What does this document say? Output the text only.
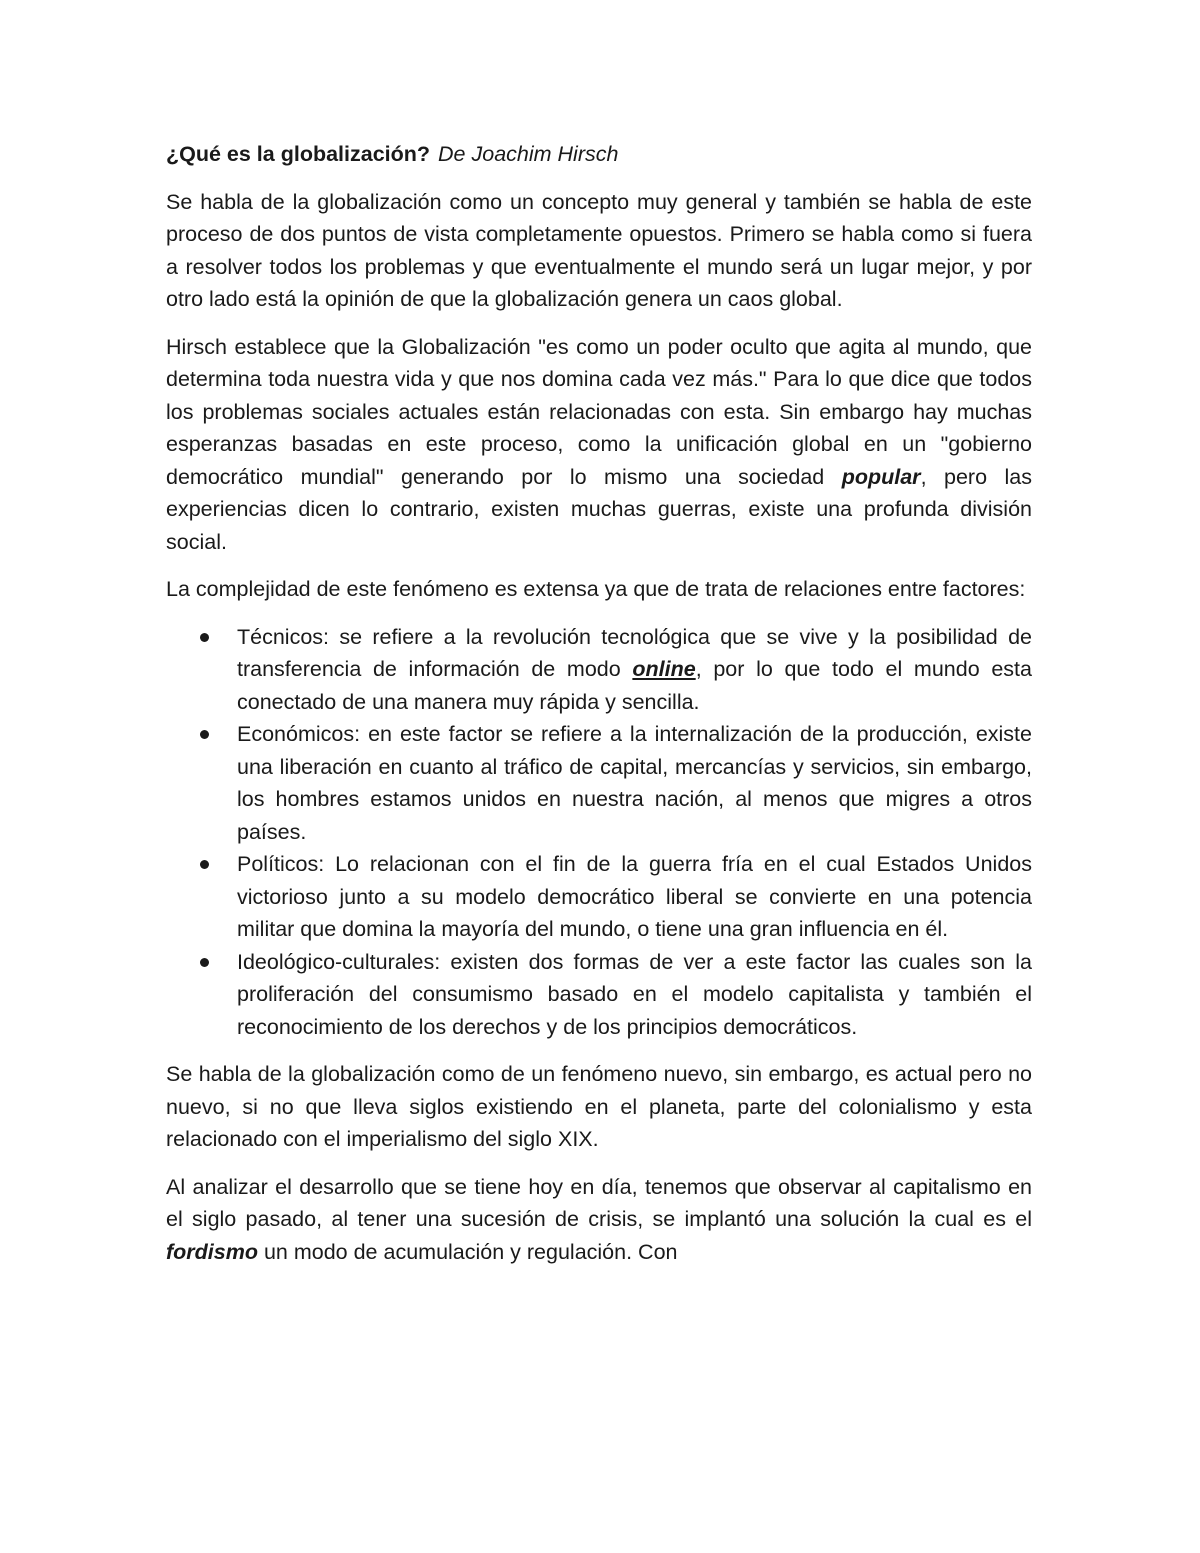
¿Qué es la globalización? De Joachim Hirsch

Se habla de la globalización como un concepto muy general y también se habla de este proceso de dos puntos de vista completamente opuestos. Primero se habla como si fuera a resolver todos los problemas y que eventualmente el mundo será un lugar mejor, y por otro lado está la opinión de que la globalización genera un caos global.

Hirsch establece que la Globalización "es como un poder oculto que agita al mundo, que determina toda nuestra vida y que nos domina cada vez más." Para lo que dice que todos los problemas sociales actuales están relacionadas con esta. Sin embargo hay muchas esperanzas basadas en este proceso, como la unificación global en un "gobierno democrático mundial" generando por lo mismo una sociedad popular, pero las experiencias dicen lo contrario, existen muchas guerras, existe una profunda división social.

La complejidad de este fenómeno es extensa ya que de trata de relaciones entre factores:

Técnicos: se refiere a la revolución tecnológica que se vive y la posibilidad de transferencia de información de modo online, por lo que todo el mundo esta conectado de una manera muy rápida y sencilla.
Económicos: en este factor se refiere a la internalización de la producción, existe una liberación en cuanto al tráfico de capital, mercancías y servicios, sin embargo, los hombres estamos unidos en nuestra nación, al menos que migres a otros países.
Políticos: Lo relacionan con el fin de la guerra fría en el cual Estados Unidos victorioso junto a su modelo democrático liberal se convierte en una potencia militar que domina la mayoría del mundo, o tiene una gran influencia en él.
Ideológico-culturales: existen dos formas de ver a este factor las cuales son la proliferación del consumismo basado en el modelo capitalista y también el reconocimiento de los derechos y de los principios democráticos.

Se habla de la globalización como de un fenómeno nuevo, sin embargo, es actual pero no nuevo, si no que lleva siglos existiendo en el planeta, parte del colonialismo y esta relacionado con el imperialismo del siglo XIX.

Al analizar el desarrollo que se tiene hoy en día, tenemos que observar al capitalismo en el siglo pasado, al tener una sucesión de crisis, se implantó una solución la cual es el fordismo un modo de acumulación y regulación. Con
